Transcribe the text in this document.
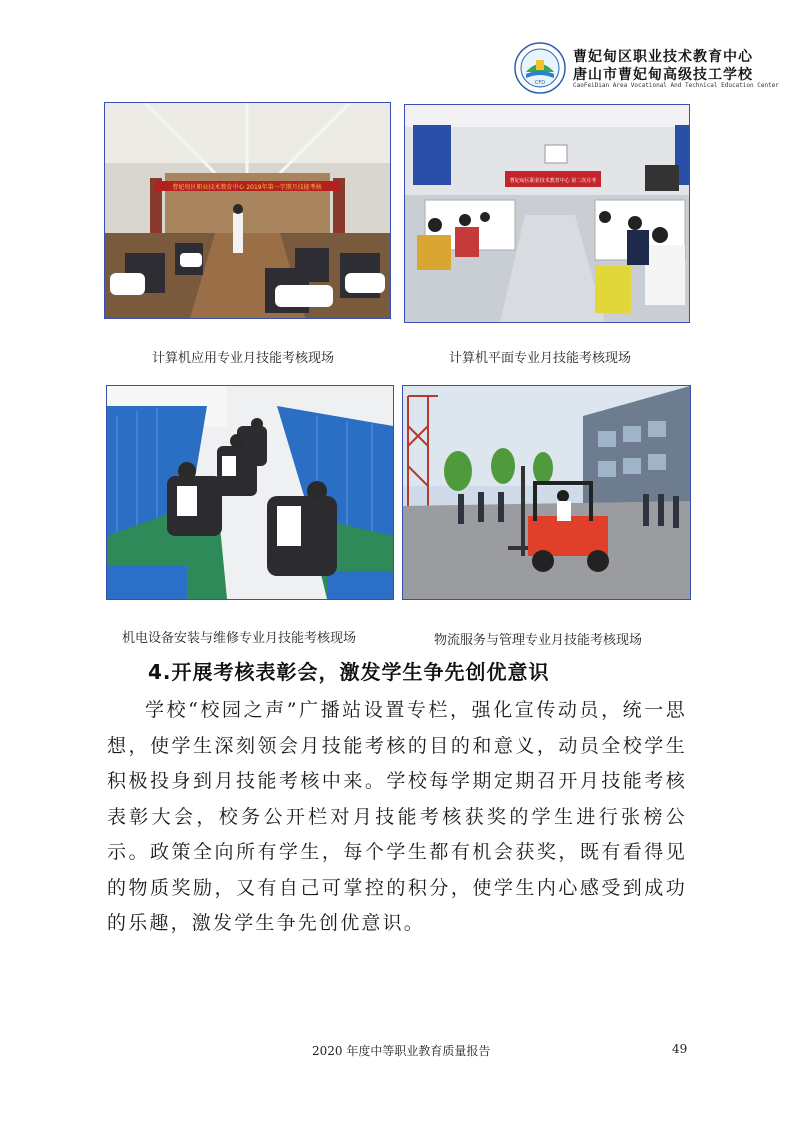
CFD
曹妃甸区职业技术教育中心
唐山市曹妃甸高级技工学校
CaoFeiDian Area Vocational And Technical Education Center
曹妃甸区职业技术教育中心 2019年第一学期月技能考核
计算机应用专业月技能考核现场
曹妃甸区职业技术教育中心 第二次月考
计算机平面专业月技能考核现场
机电设备安装与维修专业月技能考核现场	物流服务与管理专业月技能考核现场
4.开展考核表彰会，激发学生争先创优意识
学校“校园之声”广播站设置专栏，强化宣传动员，统一思想，使学生深刻领会月技能考核的目的和意义，动员全校学生积极投身到月技能考核中来。学校每学期定期召开月技能考核表彰大会，校务公开栏对月技能考核获奖的学生进行张榜公示。政策全向所有学生，每个学生都有机会获奖，既有看得见的物质奖励，又有自己可掌控的积分，使学生内心感受到成功的乐趣，激发学生争先创优意识。
2020 年度中等职业教育质量报告	49
